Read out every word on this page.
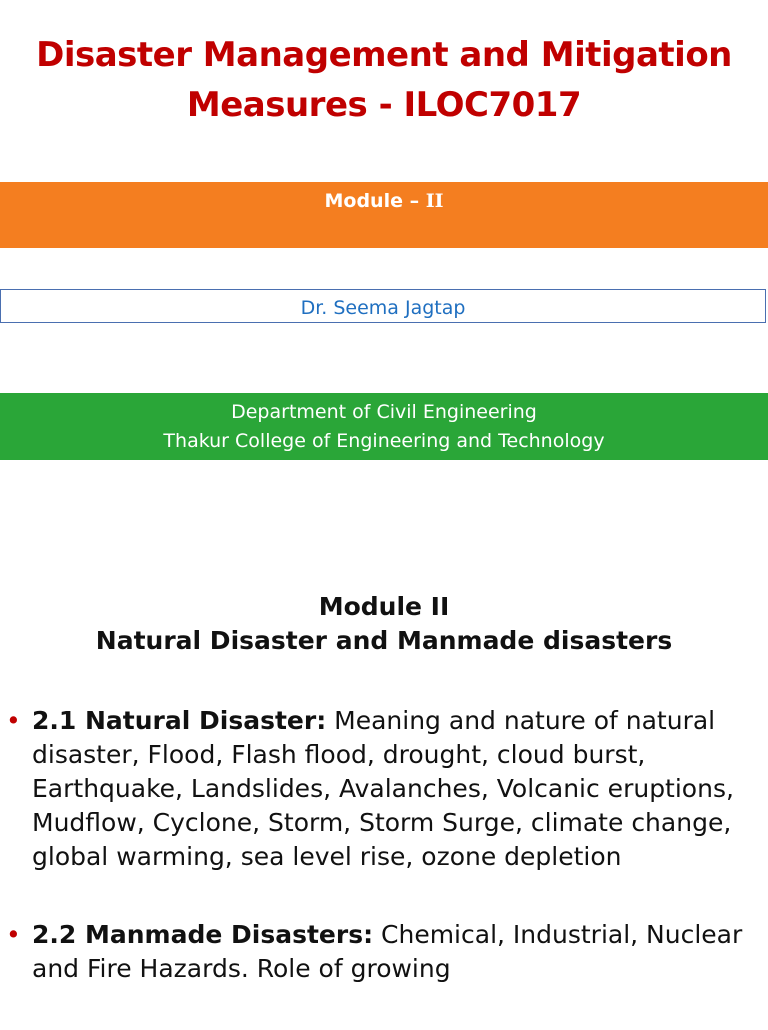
Disaster Management and Mitigation
Measures - ILOC7017
Module – II
Dr. Seema Jagtap
Department of Civil Engineering
Thakur College of Engineering and Technology
Module II
Natural Disaster and Manmade disasters
• 2.1 Natural Disaster: Meaning and nature of natural disaster, Flood, Flash flood, drought, cloud burst, Earthquake, Landslides, Avalanches, Volcanic eruptions, Mudflow, Cyclone, Storm, Storm Surge, climate change, global warming, sea level rise, ozone depletion
• 2.2 Manmade Disasters: Chemical, Industrial, Nuclear and Fire Hazards. Role of growing
